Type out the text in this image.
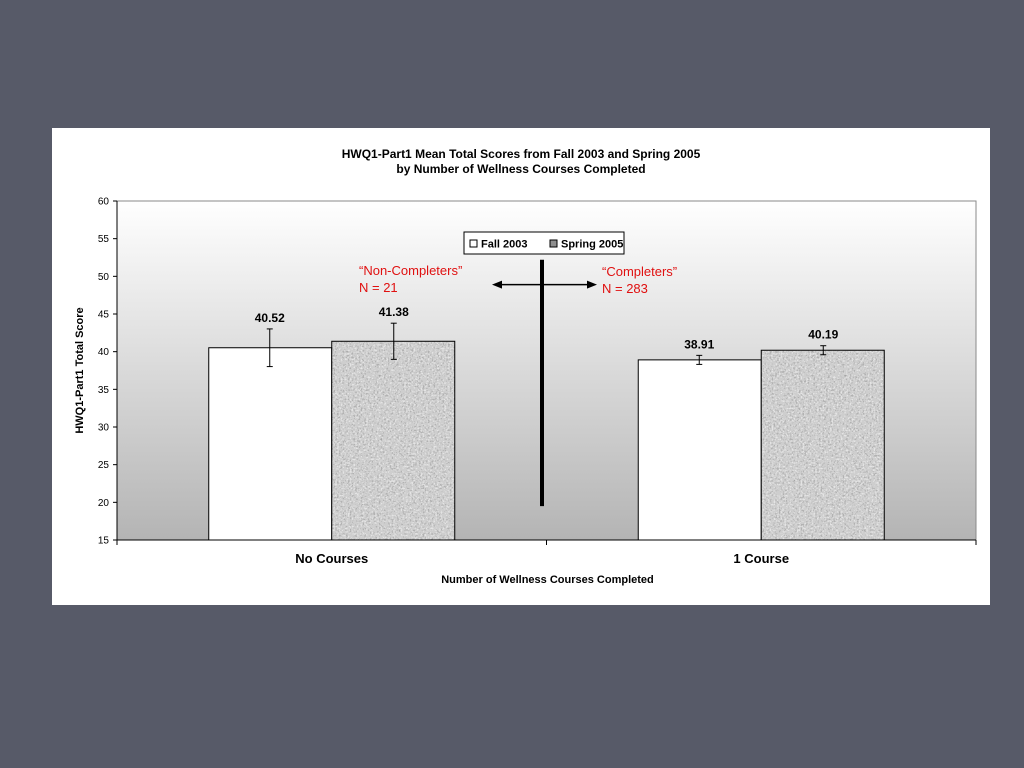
HWQ1-Part1 Mean Total Scores from Fall 2003 and Spring 2005
by Number of Wellness Courses Completed
15
20
25
30
35
40
45
50
55
60
No Courses	1 Course
40.52	41.38
38.91
40.19
HWQ1-Part1 Total Score
Number of Wellness Courses Completed
Fall 2003	Spring 2005
“Non-Completers”
N = 21
“Completers”
N = 283
